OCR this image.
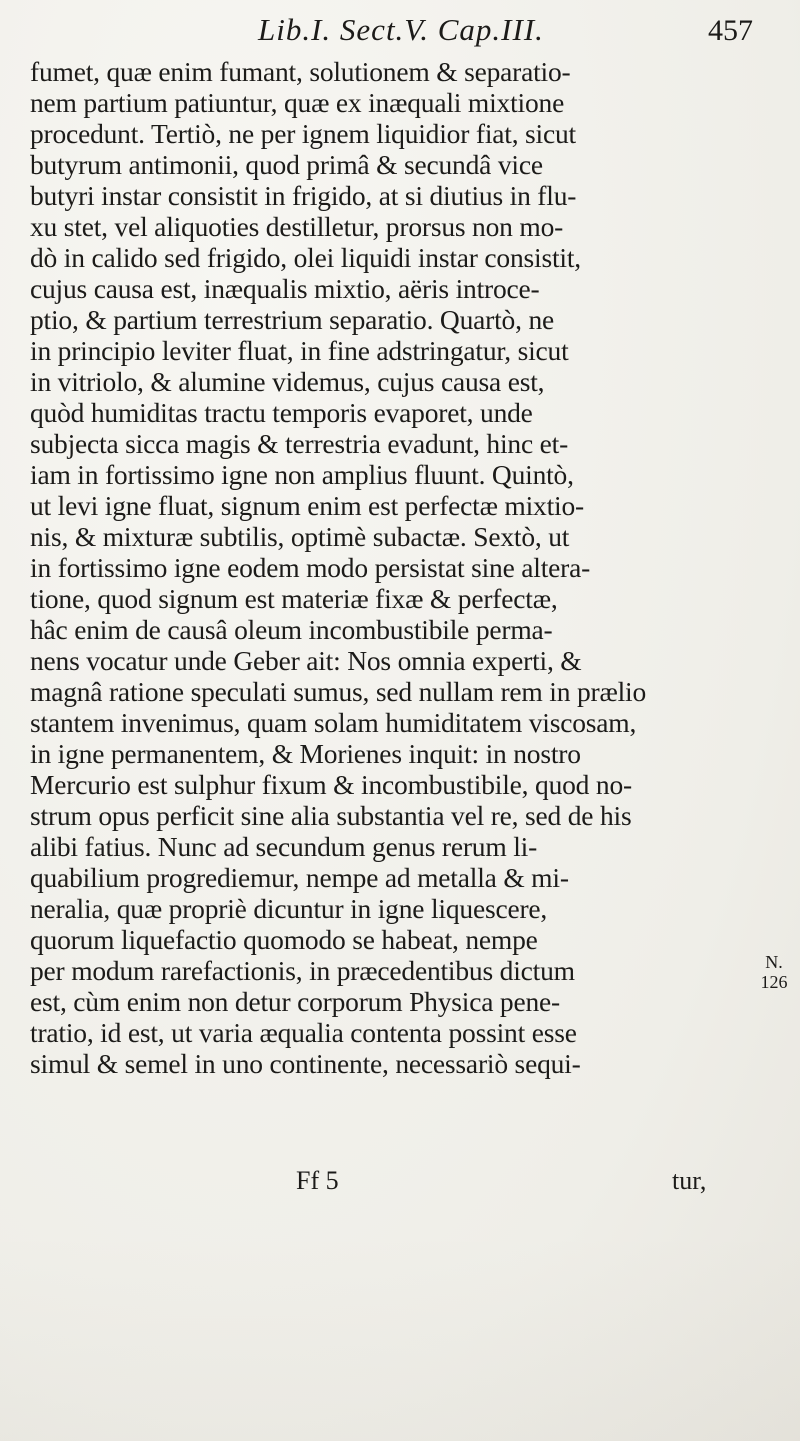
Lib.I. Sect.V. Cap.III.	457
fumet, quæ enim fumant, solutionem & separatio-
nem partium patiuntur, quæ ex inæquali mixtione
procedunt. Tertiò, ne per ignem liquidior fiat, sicut
butyrum antimonii, quod primâ & secundâ vice
butyri instar consistit in frigido, at si diutius in flu-
xu stet, vel aliquoties destilletur, prorsus non mo-
dò in calido sed frigido, olei liquidi instar consistit,
cujus causa est, inæqualis mixtio, aëris introce-
ptio, & partium terrestrium separatio. Quartò, ne
in principio leviter fluat, in fine adstringatur, sicut
in vitriolo, & alumine videmus, cujus causa est,
quòd humiditas tractu temporis evaporet, unde
subjecta sicca magis & terrestria evadunt, hinc et-
iam in fortissimo igne non amplius fluunt. Quintò,
ut levi igne fluat, signum enim est perfectæ mixtio-
nis, & mixturæ subtilis, optimè subactæ. Sextò, ut
in fortissimo igne eodem modo persistat sine altera-
tione, quod signum est materiæ fixæ & perfectæ,
hâc enim de causâ oleum incombustibile perma-
nens vocatur unde Geber ait: Nos omnia experti, &
magnâ ratione speculati sumus, sed nullam rem in prælio
stantem invenimus, quam solam humiditatem viscosam,
in igne permanentem, & Morienes inquit: in nostro
Mercurio est sulphur fixum & incombustibile, quod no-
strum opus perficit sine alia substantia vel re, sed de his
alibi fatius. Nunc ad secundum genus rerum li-
quabilium progrediemur, nempe ad metalla & mi-
neralia, quæ propriè dicuntur in igne liquescere,
quorum liquefactio quomodo se habeat, nempe
per modum rarefactionis, in præcedentibus dictum
est, cùm enim non detur corporum Physica pene-
tratio, id est, ut varia æqualia contenta possint esse
simul & semel in uno continente, necessariò sequi-
N.
126
Ff 5	tur,
